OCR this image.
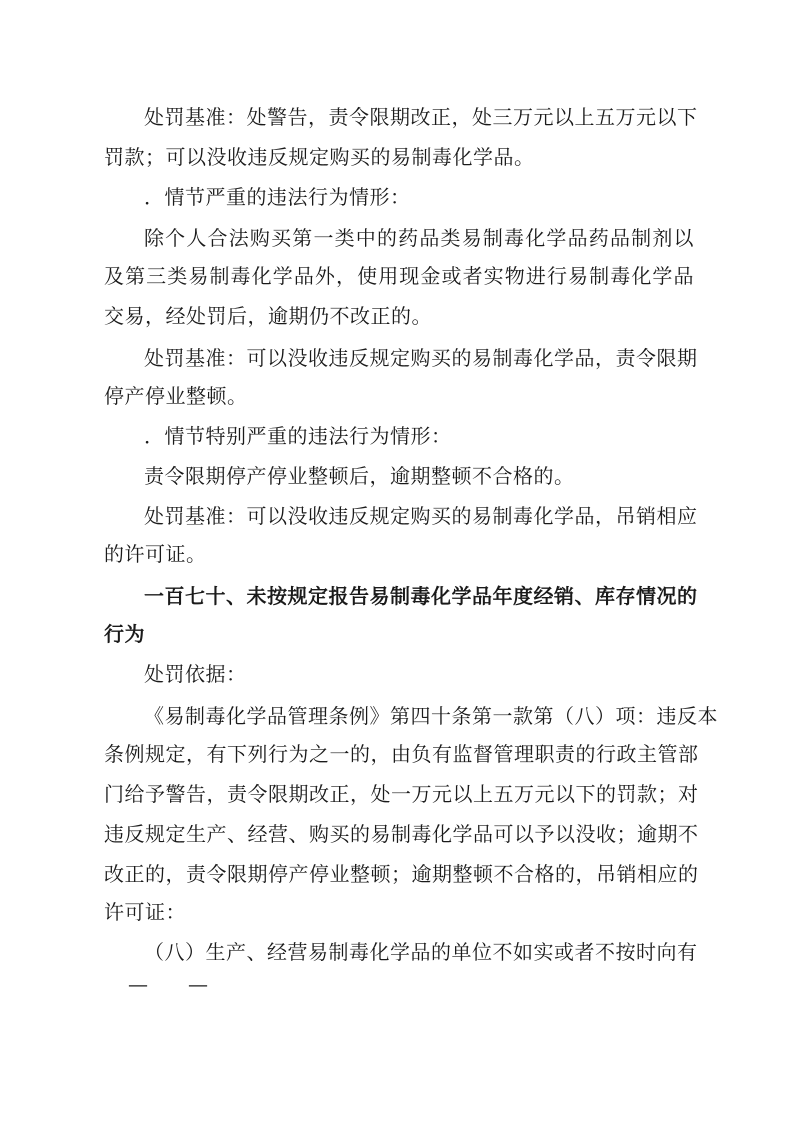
处罚基准：处警告，责令限期改正，处三万元以上五万元以下
罚款；可以没收违反规定购买的易制毒化学品。
．情节严重的违法行为情形：
除个人合法购买第一类中的药品类易制毒化学品药品制剂以
及第三类易制毒化学品外，使用现金或者实物进行易制毒化学品
交易，经处罚后，逾期仍不改正的。
处罚基准：可以没收违反规定购买的易制毒化学品，责令限期
停产停业整顿。
．情节特别严重的违法行为情形：
责令限期停产停业整顿后，逾期整顿不合格的。
处罚基准：可以没收违反规定购买的易制毒化学品，吊销相应
的许可证。
一百七十、未按规定报告易制毒化学品年度经销、库存情况的
行为
处罚依据：
《易制毒化学品管理条例》第四十条第一款第（八）项：违反本
条例规定，有下列行为之一的，由负有监督管理职责的行政主管部
门给予警告，责令限期改正，处一万元以上五万元以下的罚款；对
违反规定生产、经营、购买的易制毒化学品可以予以没收；逾期不
改正的，责令限期停产停业整顿；逾期整顿不合格的，吊销相应的
许可证：
（八）生产、经营易制毒化学品的单位不如实或者不按时向有
—　　—
